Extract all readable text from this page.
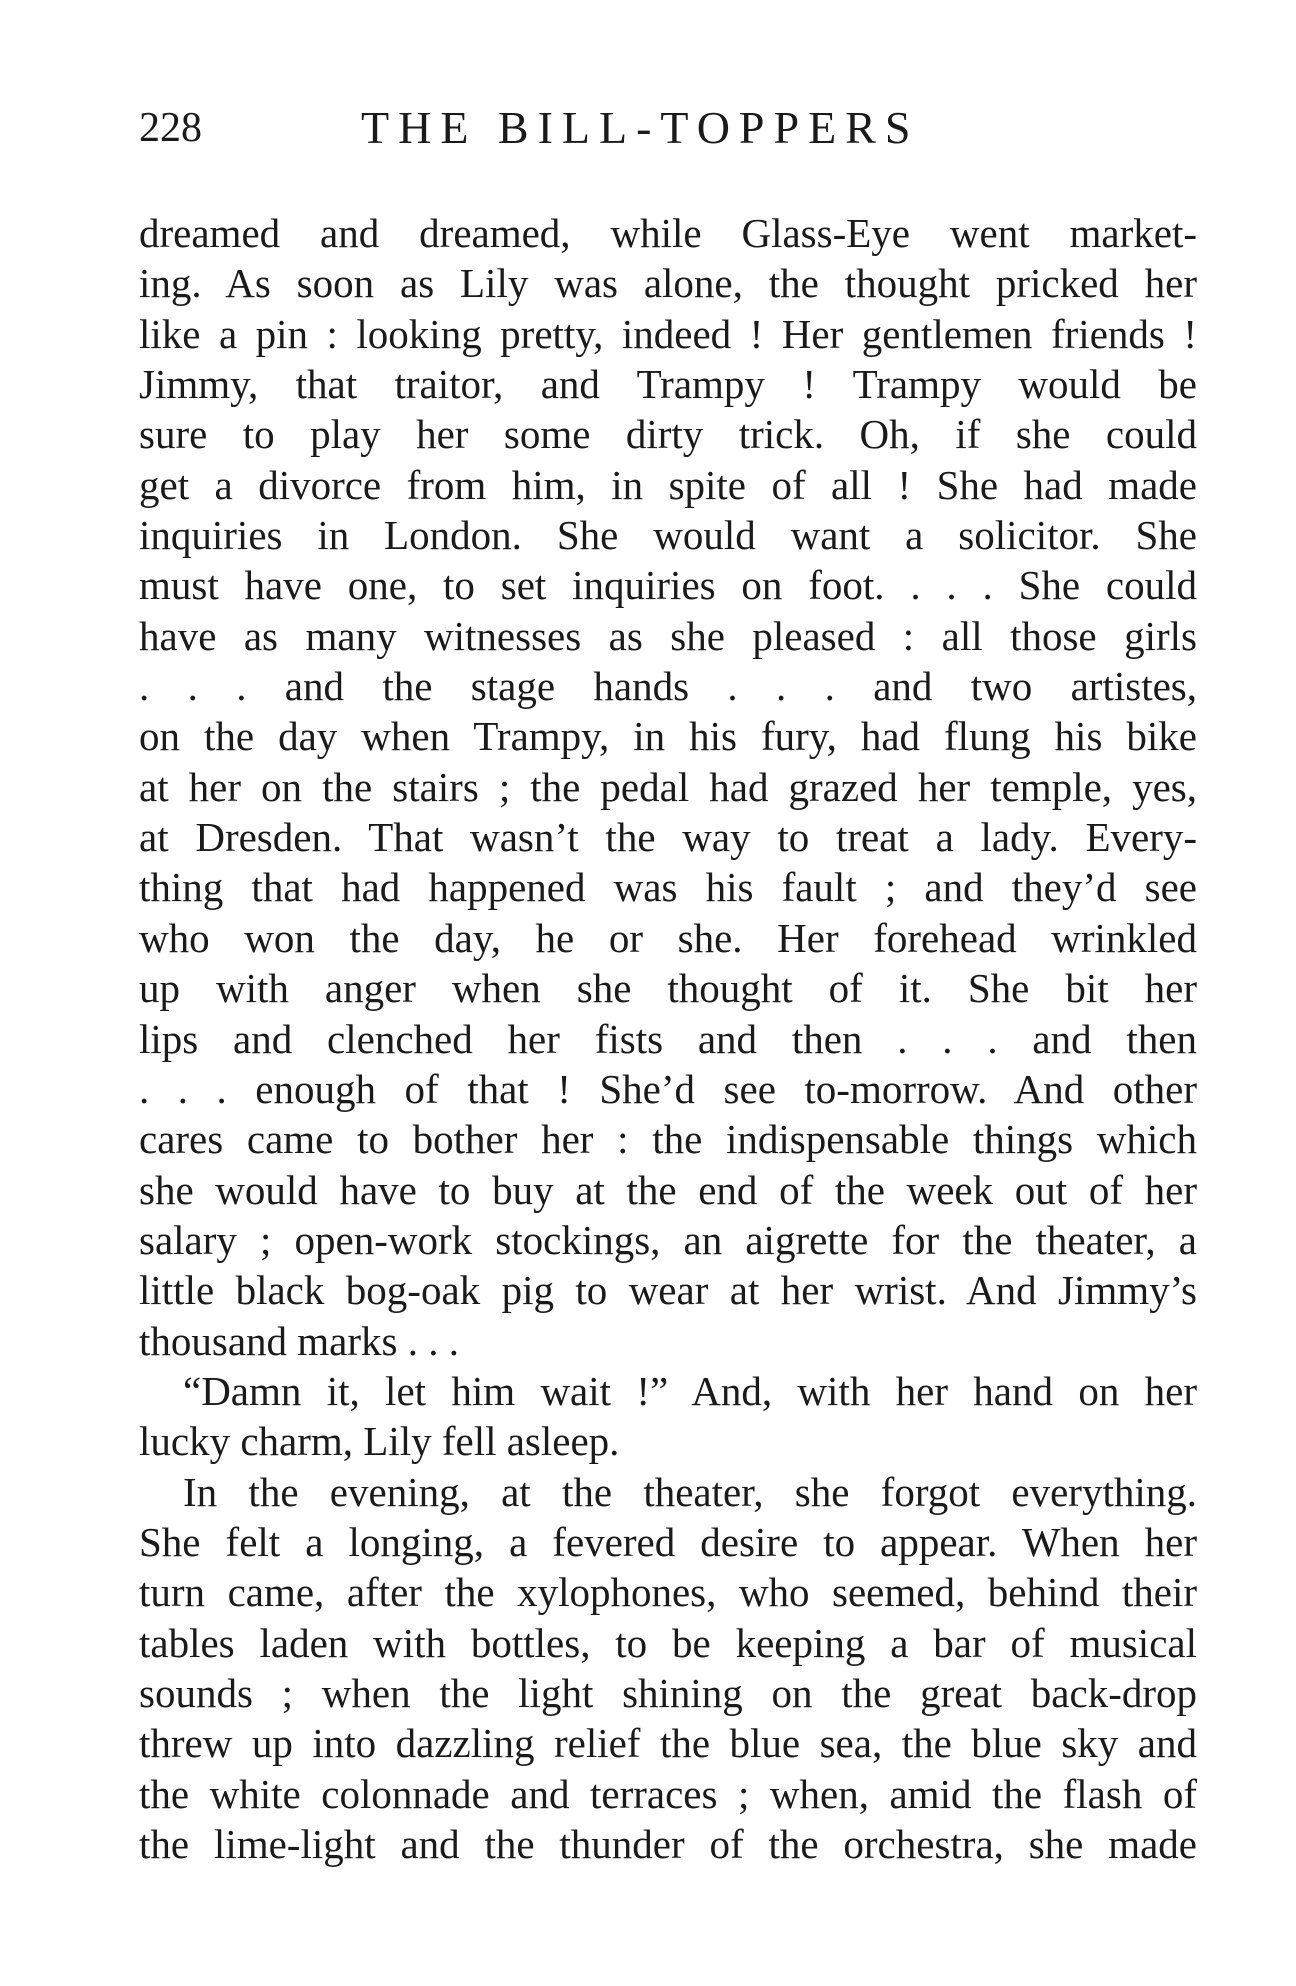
228	THE BILL-TOPPERS
dreamed and dreamed, while Glass-Eye went market-
ing. As soon as Lily was alone, the thought pricked her
like a pin : looking pretty, indeed ! Her gentlemen friends !
Jimmy, that traitor, and Trampy ! Trampy would be
sure to play her some dirty trick. Oh, if she could
get a divorce from him, in spite of all ! She had made
inquiries in London. She would want a solicitor. She
must have one, to set inquiries on foot. . . . She could
have as many witnesses as she pleased : all those girls
. . . and the stage hands . . . and two artistes,
on the day when Trampy, in his fury, had flung his bike
at her on the stairs ; the pedal had grazed her temple, yes,
at Dresden. That wasn’t the way to treat a lady. Every-
thing that had happened was his fault ; and they’d see
who won the day, he or she. Her forehead wrinkled
up with anger when she thought of it. She bit her
lips and clenched her fists and then . . . and then
. . . enough of that ! She’d see to-morrow. And other
cares came to bother her : the indispensable things which
she would have to buy at the end of the week out of her
salary ; open-work stockings, an aigrette for the theater, a
little black bog-oak pig to wear at her wrist. And Jimmy’s
thousand marks . . .
“Damn it, let him wait !” And, with her hand on her
lucky charm, Lily fell asleep.
In the evening, at the theater, she forgot everything.
She felt a longing, a fevered desire to appear. When her
turn came, after the xylophones, who seemed, behind their
tables laden with bottles, to be keeping a bar of musical
sounds ; when the light shining on the great back-drop
threw up into dazzling relief the blue sea, the blue sky and
the white colonnade and terraces ; when, amid the flash of
the lime-light and the thunder of the orchestra, she made
